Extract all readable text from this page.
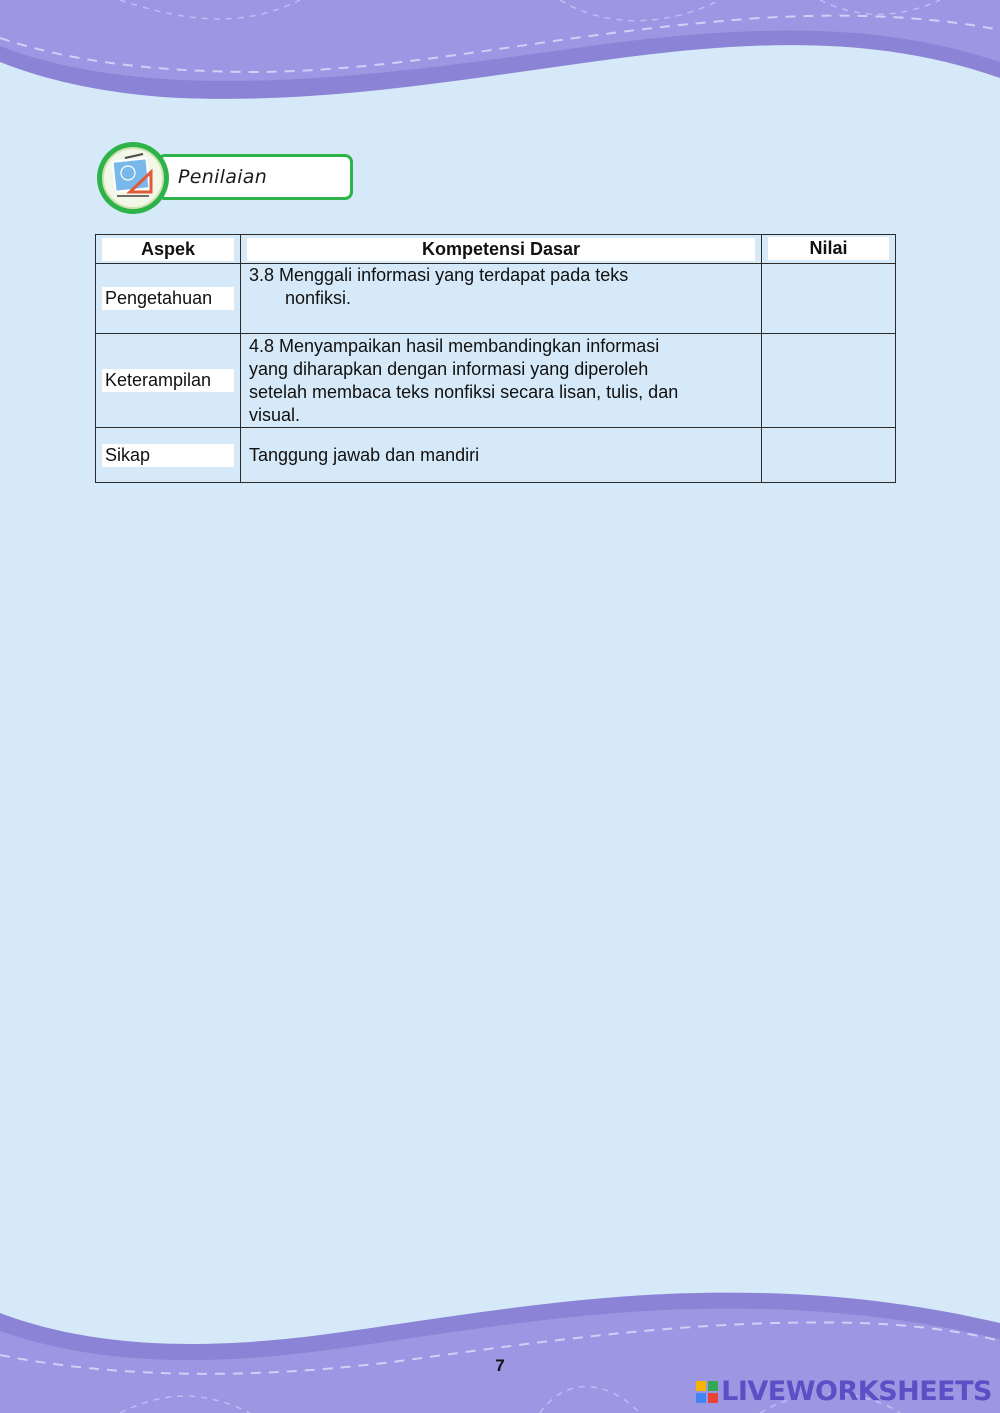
Penilaian
Aspek	Kompetensi Dasar	Nilai

Pengetahuan	3.8 Menggali informasi yang terdapat pada teks
nonfiksi.	

Keterampilan	4.8 Menyampaikan hasil membandingkan informasi
yang diharapkan dengan informasi yang diperoleh
setelah membaca teks nonfiksi secara lisan, tulis, dan
visual.	

Sikap	Tanggung jawab dan mandiri	

7
LIVEWORKSHEETS
